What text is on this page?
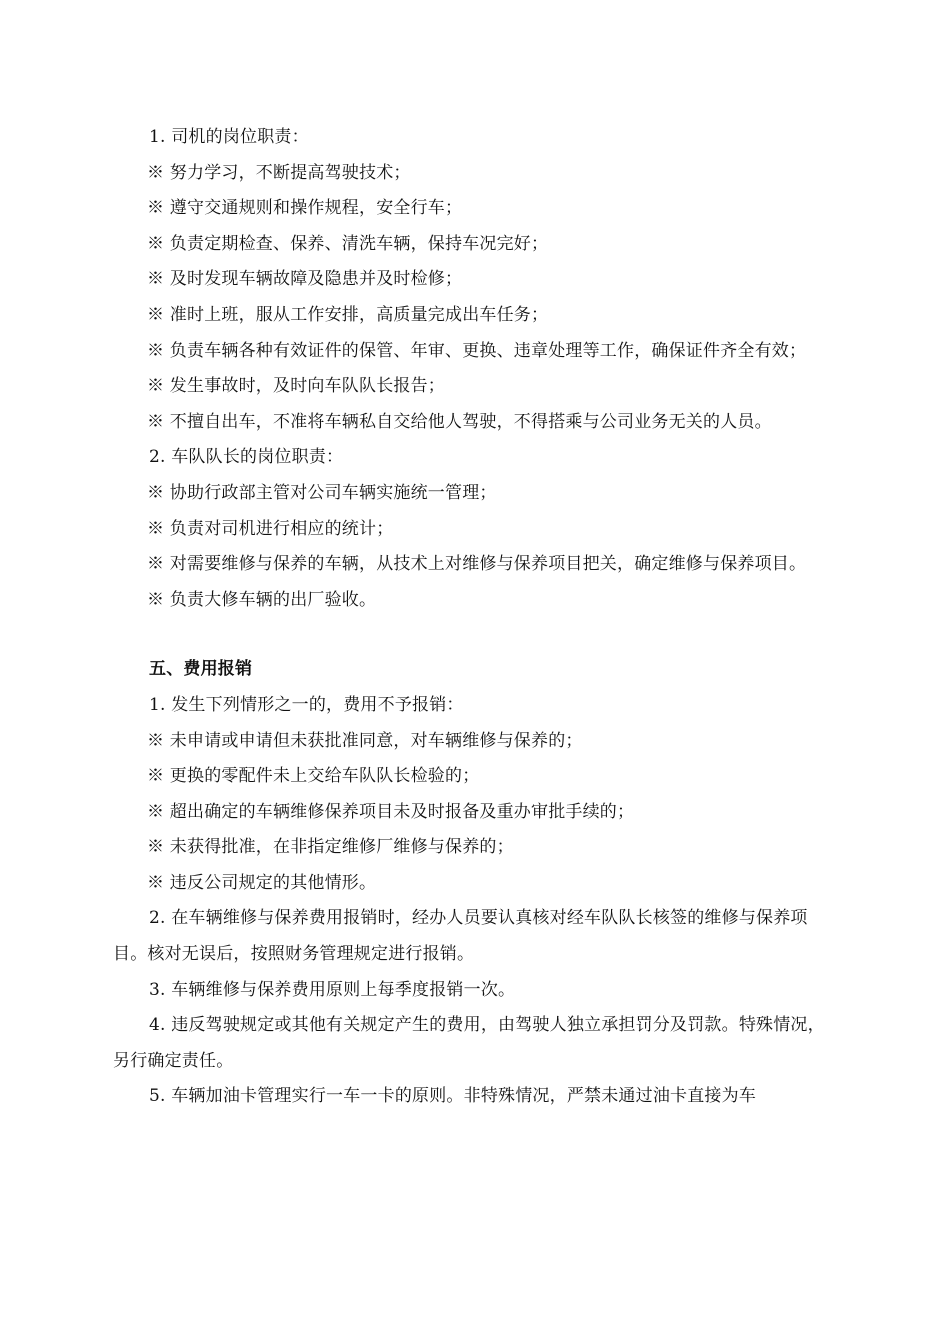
1. 司机的岗位职责：

※ 努力学习，不断提高驾驶技术；

※ 遵守交通规则和操作规程，安全行车；

※ 负责定期检查、保养、清洗车辆，保持车况完好；

※ 及时发现车辆故障及隐患并及时检修；

※ 准时上班，服从工作安排，高质量完成出车任务；

※ 负责车辆各种有效证件的保管、年审、更换、违章处理等工作，确保证件齐全有效；

※ 发生事故时，及时向车队队长报告；

※ 不擅自出车，不准将车辆私自交给他人驾驶，不得搭乘与公司业务无关的人员。

2. 车队队长的岗位职责：

※ 协助行政部主管对公司车辆实施统一管理；

※ 负责对司机进行相应的统计；

※ 对需要维修与保养的车辆，从技术上对维修与保养项目把关，确定维修与保养项目。

※ 负责大修车辆的出厂验收。

五、费用报销

1. 发生下列情形之一的，费用不予报销：

※ 未申请或申请但未获批准同意，对车辆维修与保养的；

※ 更换的零配件未上交给车队队长检验的；

※ 超出确定的车辆维修保养项目未及时报备及重办审批手续的；

※ 未获得批准，在非指定维修厂维修与保养的；

※ 违反公司规定的其他情形。

2. 在车辆维修与保养费用报销时，经办人员要认真核对经车队队长核签的维修与保养项目。核对无误后，按照财务管理规定进行报销。

3. 车辆维修与保养费用原则上每季度报销一次。

4. 违反驾驶规定或其他有关规定产生的费用，由驾驶人独立承担罚分及罚款。特殊情况，另行确定责任。

5. 车辆加油卡管理实行一车一卡的原则。非特殊情况，严禁未通过油卡直接为车
